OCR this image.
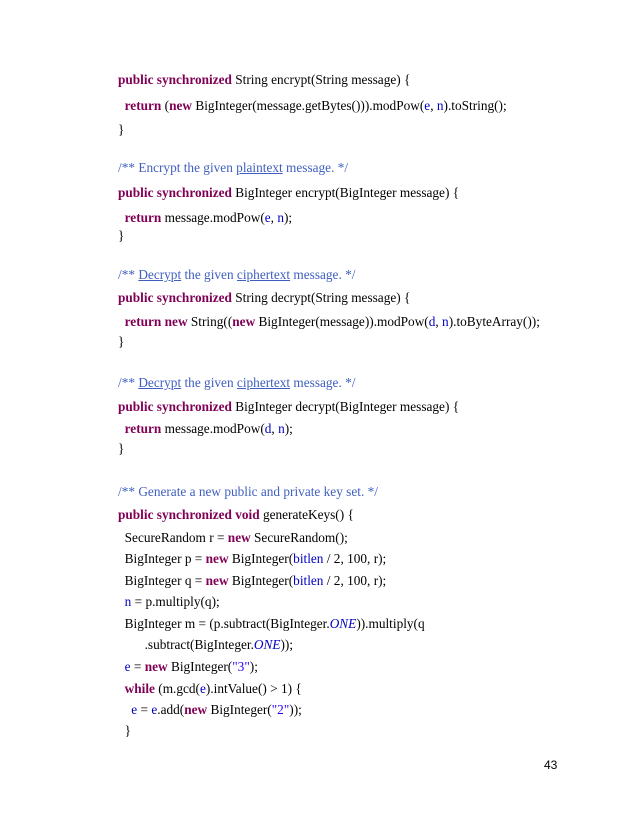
public synchronized String encrypt(String message) {
return (new BigInteger(message.getBytes())).modPow(e, n).toString();
}
/** Encrypt the given plaintext message. */
public synchronized BigInteger encrypt(BigInteger message) {
return message.modPow(e, n);
}
/** Decrypt the given ciphertext message. */
public synchronized String decrypt(String message) {
return new String((new BigInteger(message)).modPow(d, n).toByteArray());
}
/** Decrypt the given ciphertext message. */
public synchronized BigInteger decrypt(BigInteger message) {
return message.modPow(d, n);
}
/** Generate a new public and private key set. */
public synchronized void generateKeys() {
SecureRandom r = new SecureRandom();
BigInteger p = new BigInteger(bitlen / 2, 100, r);
BigInteger q = new BigInteger(bitlen / 2, 100, r);
n = p.multiply(q);
BigInteger m = (p.subtract(BigInteger.ONE)).multiply(q
.subtract(BigInteger.ONE));
e = new BigInteger("3");
while (m.gcd(e).intValue() > 1) {
e = e.add(new BigInteger("2"));
}
43
